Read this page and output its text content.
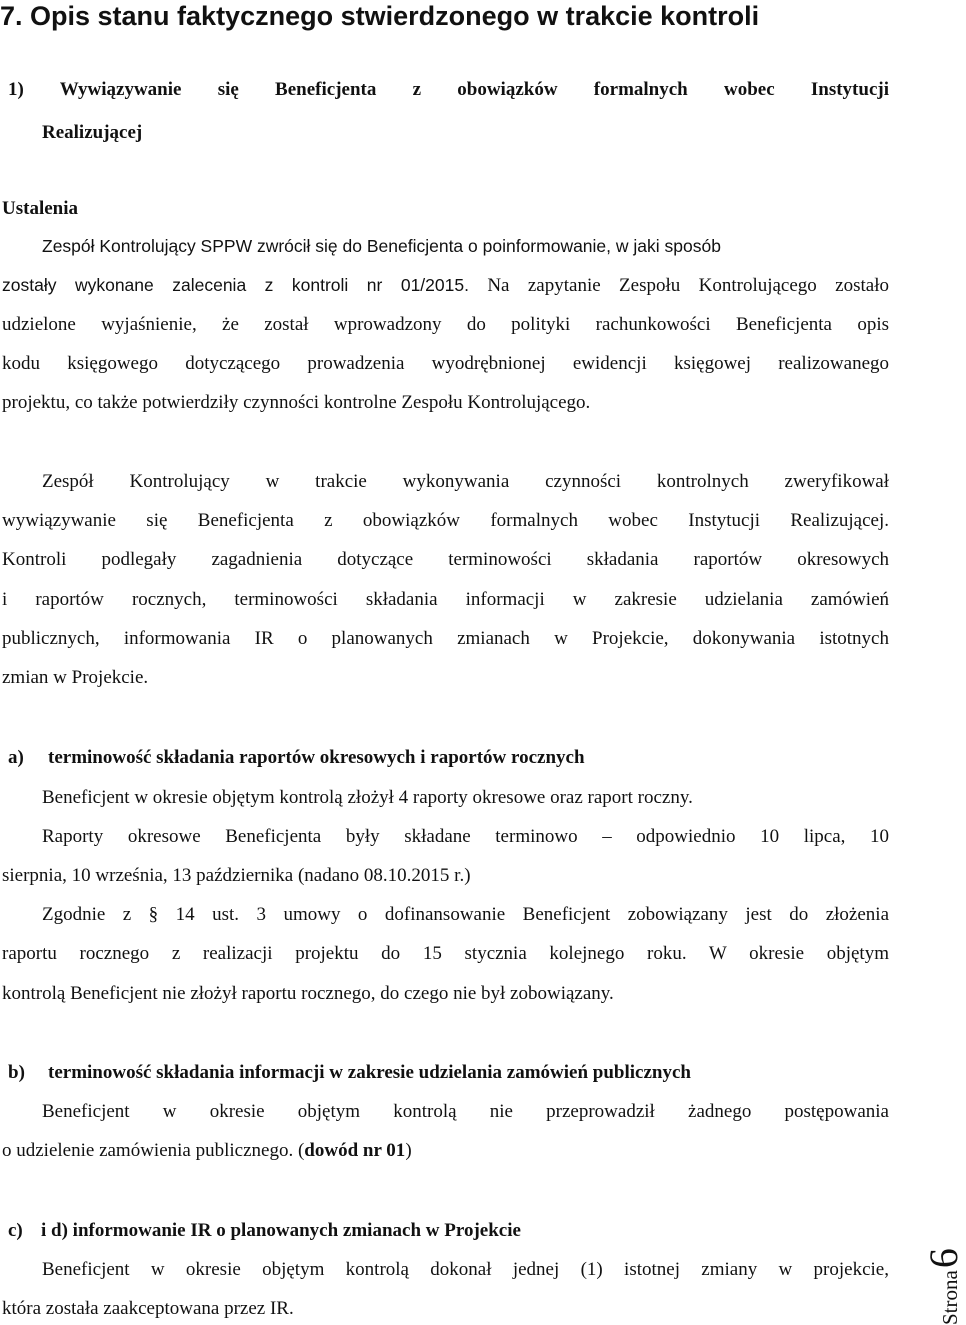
7. Opis stanu faktycznego stwierdzonego w trakcie kontroli
1) Wywiązywanie się Beneficjenta z obowiązków formalnych wobec Instytucji
Realizującej
Ustalenia
Zespół Kontrolujący SPPW zwrócił się do Beneficjenta o poinformowanie, w jaki sposób
zostały wykonane zalecenia z kontroli nr 01/2015. Na zapytanie Zespołu Kontrolującego zostało
udzielone wyjaśnienie, że został wprowadzony do polityki rachunkowości Beneficjenta opis
kodu księgowego dotyczącego prowadzenia wyodrębnionej ewidencji księgowej realizowanego
projektu, co także potwierdziły czynności kontrolne Zespołu Kontrolującego.
Zespół Kontrolujący w trakcie wykonywania czynności kontrolnych zweryfikował
wywiązywanie się Beneficjenta z obowiązków formalnych wobec Instytucji Realizującej.
Kontroli podlegały zagadnienia dotyczące terminowości składania raportów okresowych
i raportów rocznych, terminowości składania informacji w zakresie udzielania zamówień
publicznych, informowania IR o planowanych zmianach w Projekcie, dokonywania istotnych
zmian w Projekcie.
a) terminowość składania raportów okresowych i raportów rocznych
Beneficjent w okresie objętym kontrolą złożył 4 raporty okresowe oraz raport roczny.
Raporty okresowe Beneficjenta były składane terminowo – odpowiednio 10 lipca, 10
sierpnia, 10 września, 13 października (nadano 08.10.2015 r.)
Zgodnie z § 14 ust. 3 umowy o dofinansowanie Beneficjent zobowiązany jest do złożenia
raportu rocznego z realizacji projektu do 15 stycznia kolejnego roku. W okresie objętym
kontrolą Beneficjent nie złożył raportu rocznego, do czego nie był zobowiązany.
b) terminowość składania informacji w zakresie udzielania zamówień publicznych
Beneficjent w okresie objętym kontrolą nie przeprowadził żadnego postępowania
o udzielenie zamówienia publicznego. (dowód nr 01)
c) i d) informowanie IR o planowanych zmianach w Projekcie
Beneficjent w okresie objętym kontrolą dokonał jednej (1) istotnej zmiany w projekcie,
która została zaakceptowana przez IR.	Strona
6
